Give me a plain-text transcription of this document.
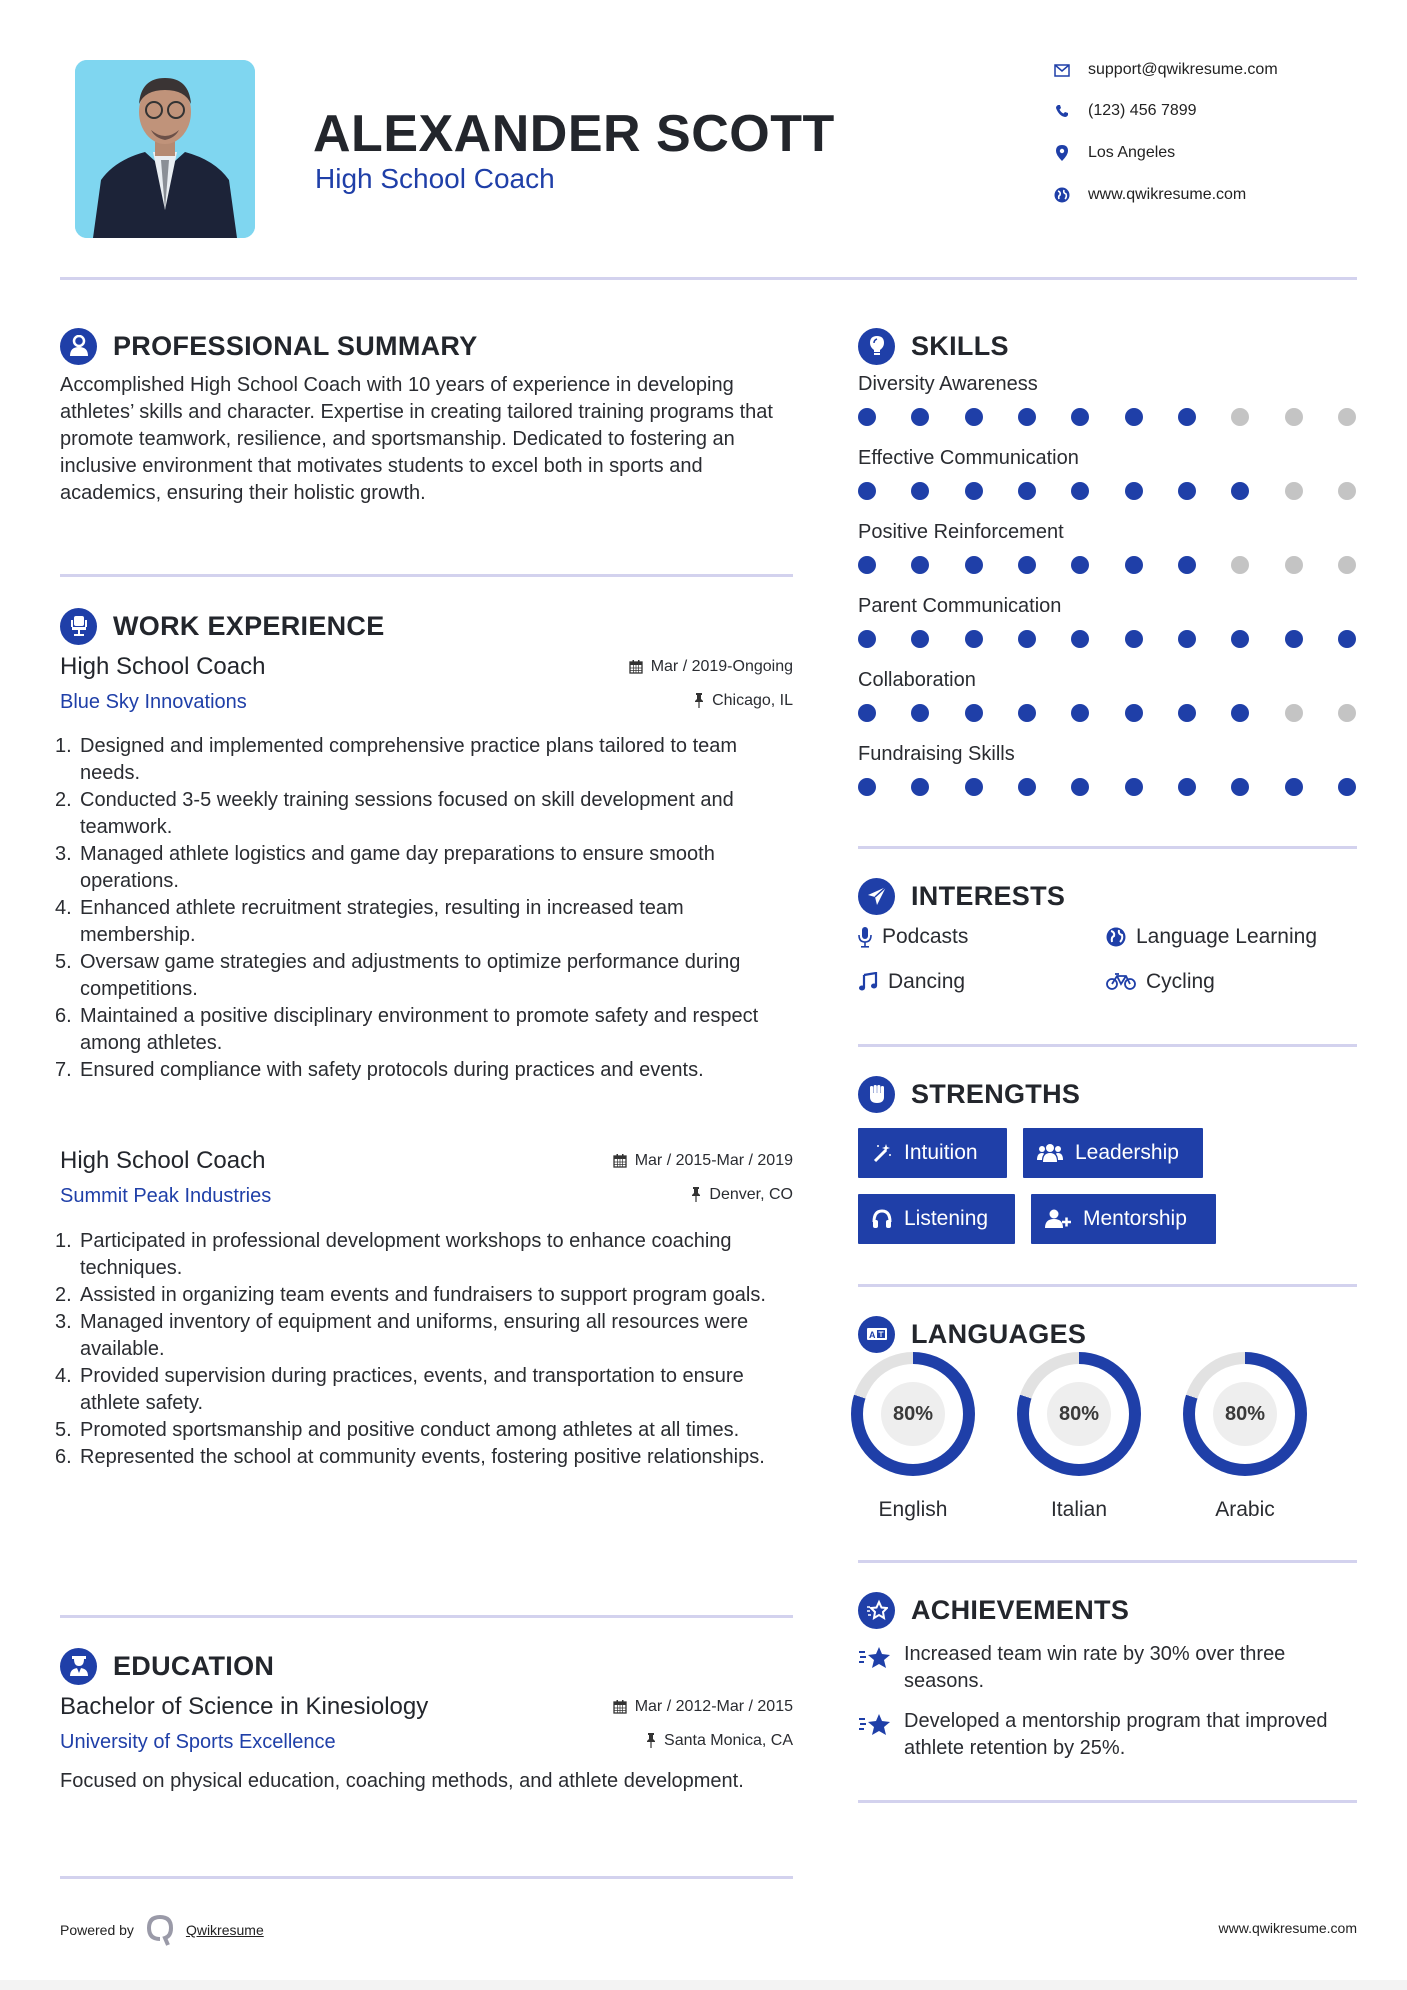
ALEXANDER SCOTT
High School Coach
support@qwikresume.com
(123) 456 7899
Los Angeles
www.qwikresume.com
PROFESSIONAL SUMMARY

Accomplished High School Coach with 10 years of experience in developing athletes’ skills and character. Expertise in creating tailored training programs that promote teamwork, resilience, and sportsmanship. Dedicated to fostering an inclusive environment that motivates students to excel both in sports and academics, ensuring their holistic growth.

WORK EXPERIENCE
High School Coach	Mar / 2019-Ongoing
Blue Sky Innovations	Chicago, IL
1. Designed and implemented comprehensive practice plans tailored to team needs.
2. Conducted 3-5 weekly training sessions focused on skill development and teamwork.
3. Managed athlete logistics and game day preparations to ensure smooth operations.
4. Enhanced athlete recruitment strategies, resulting in increased team membership.
5. Oversaw game strategies and adjustments to optimize performance during competitions.
6. Maintained a positive disciplinary environment to promote safety and respect among athletes.
7. Ensured compliance with safety protocols during practices and events.
High School Coach	Mar / 2015-Mar / 2019
Summit Peak Industries	Denver, CO
1. Participated in professional development workshops to enhance coaching techniques.
2. Assisted in organizing team events and fundraisers to support program goals.
3. Managed inventory of equipment and uniforms, ensuring all resources were available.
4. Provided supervision during practices, events, and transportation to ensure athlete safety.
5. Promoted sportsmanship and positive conduct among athletes at all times.
6. Represented the school at community events, fostering positive relationships.
EDUCATION
Bachelor of Science in Kinesiology	Mar / 2012-Mar / 2015
University of Sports Excellence	Santa Monica, CA

Focused on physical education, coaching methods, and athlete development.

SKILLS
Diversity Awareness
Effective Communication
Positive Reinforcement
Parent Communication
Collaboration
Fundraising Skills
INTERESTS
Podcasts	Language Learning
Dancing	Cycling
STRENGTHS
Intuition	Leadership
Listening	Mentorship
A LANGUAGES
80%
English
80%
Italian
80%
Arabic
ACHIEVEMENTS
Increased team win rate by 30% over three seasons.
Developed a mentorship program that improved athlete retention by 25%.
Powered by	Qwikresume	www.qwikresume.com
